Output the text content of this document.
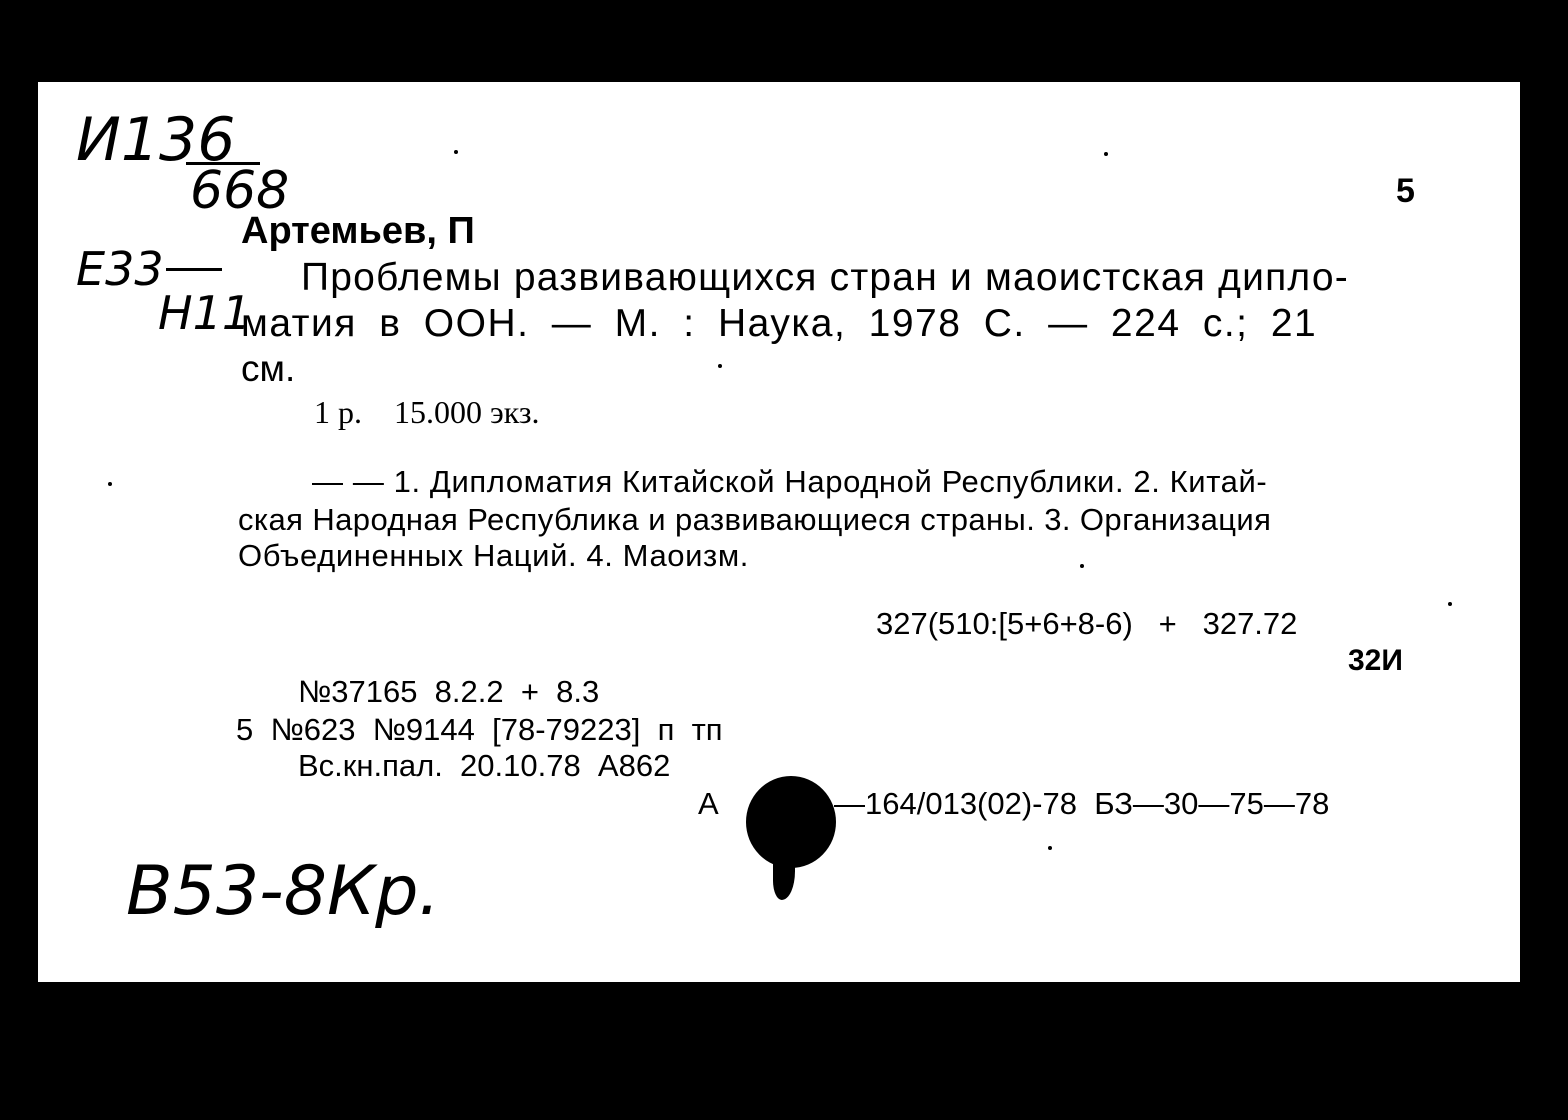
И136
668
Е33
Н11
5
Артемьев, П
Проблемы развивающихся стран и маоистская дипло-
матия в ООН. — М. : Наука, 1978 С. — 224 с.; 21
см.
1 р.    15.000 экз.
— — 1. Дипломатия Китайской Народной Республики. 2. Китай-
ская Народная Республика и развивающиеся страны. 3. Организация
Объединенных Наций. 4. Маоизм.
327(510:[5+6+8-6)   +   327.72
32И
№37165  8.2.2  +  8.3
5  №623  №9144  [78-79223]  п  тп
Вс.кн.пал.  20.10.78  А862
А	—164/013(02)-78  БЗ—30—75—78
В53-8Кр.
